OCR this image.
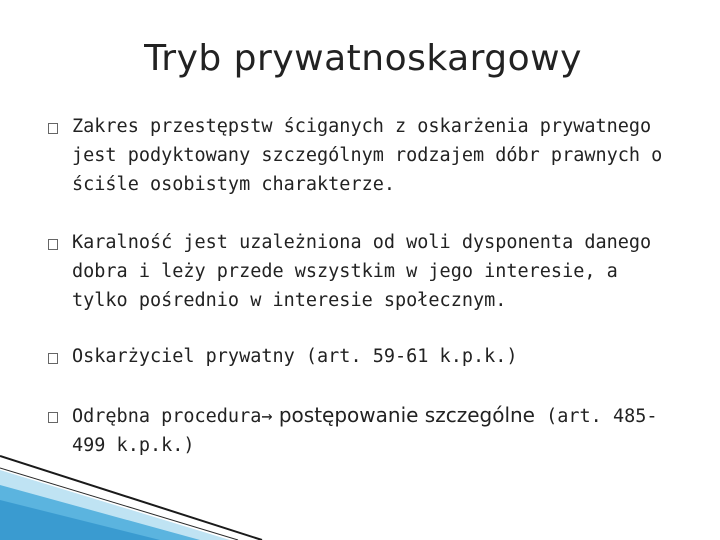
Tryb prywatnoskargowy
Zakres przestępstw ściganych z oskarżenia prywatnego jest podyktowany szczególnym rodzajem dóbr prawnych o ściśle osobistym charakterze.
Karalność jest uzależniona od woli dysponenta danego dobra i leży przede wszystkim w jego interesie, a tylko pośrednio w interesie społecznym.
Oskarżyciel prywatny (art. 59-61 k.p.k.)
Odrębna procedura→ postępowanie szczególne (art. 485-499 k.p.k.)
